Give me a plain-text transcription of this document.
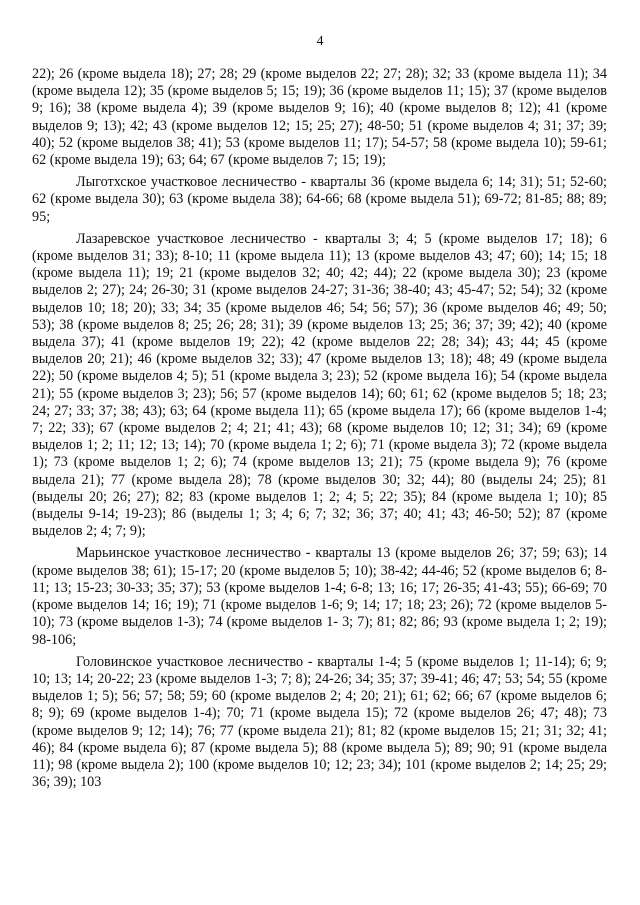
4

22); 26 (кроме выдела 18); 27; 28; 29 (кроме выделов 22; 27; 28); 32; 33 (кроме выдела 11); 34 (кроме выдела 12); 35 (кроме выделов 5; 15; 19); 36 (кроме выделов 11; 15); 37 (кроме выделов 9; 16); 38 (кроме выдела 4); 39 (кроме выделов 9; 16); 40 (кроме выделов 8; 12); 41 (кроме выделов 9; 13); 42; 43 (кроме выделов 12; 15; 25; 27); 48-50; 51 (кроме выделов 4; 31; 37; 39; 40); 52 (кроме выделов 38; 41); 53 (кроме выделов 11; 17); 54-57; 58 (кроме выдела 10); 59-61; 62 (кроме выдела 19); 63; 64; 67 (кроме выделов 7; 15; 19);

Лыготхское участковое лесничество - кварталы 36 (кроме выдела 6; 14; 31); 51; 52-60; 62 (кроме выдела 30); 63 (кроме выдела 38); 64-66; 68 (кроме выдела 51); 69-72; 81-85; 88; 89; 95;

Лазаревское участковое лесничество - кварталы 3; 4; 5 (кроме выделов 17; 18); 6 (кроме выделов 31; 33); 8-10; 11 (кроме выдела 11); 13 (кроме выделов 43; 47; 60); 14; 15; 18 (кроме выдела 11); 19; 21 (кроме выделов 32; 40; 42; 44); 22 (кроме выдела 30); 23 (кроме выделов 2; 27); 24; 26-30; 31 (кроме выделов 24-27; 31-36; 38-40; 43; 45-47; 52; 54); 32 (кроме выделов 10; 18; 20); 33; 34; 35 (кроме выделов 46; 54; 56; 57); 36 (кроме выделов 46; 49; 50; 53); 38 (кроме выделов 8; 25; 26; 28; 31); 39 (кроме выделов 13; 25; 36; 37; 39; 42); 40 (кроме выдела 37); 41 (кроме выделов 19; 22); 42 (кроме выделов 22; 28; 34); 43; 44; 45 (кроме выделов 20; 21); 46 (кроме выделов 32; 33); 47 (кроме выделов 13; 18); 48; 49 (кроме выдела 22); 50 (кроме выделов 4; 5); 51 (кроме выдела 3; 23); 52 (кроме выдела 16); 54 (кроме выдела 21); 55 (кроме выделов 3; 23); 56; 57 (кроме выделов 14); 60; 61; 62 (кроме выделов 5; 18; 23; 24; 27; 33; 37; 38; 43); 63; 64 (кроме выдела 11); 65 (кроме выдела 17); 66 (кроме выделов 1-4; 7; 22; 33); 67 (кроме выделов 2; 4; 21; 41; 43); 68 (кроме выделов 10; 12; 31; 34); 69 (кроме выделов 1; 2; 11; 12; 13; 14); 70 (кроме выдела 1; 2; 6); 71 (кроме выдела 3); 72 (кроме выдела 1); 73 (кроме выделов 1; 2; 6); 74 (кроме выделов 13; 21); 75 (кроме выдела 9); 76 (кроме выдела 21); 77 (кроме выдела 28); 78 (кроме выделов 30; 32; 44); 80 (выделы 24; 25); 81 (выделы 20; 26; 27); 82; 83 (кроме выделов 1; 2; 4; 5; 22; 35); 84 (кроме выдела 1; 10); 85 (выделы 9-14; 19-23); 86 (выделы 1; 3; 4; 6; 7; 32; 36; 37; 40; 41; 43; 46-50; 52); 87 (кроме выделов 2; 4; 7; 9);

Марьинское участковое лесничество - кварталы 13 (кроме выделов 26; 37; 59; 63); 14 (кроме выделов 38; 61); 15-17; 20 (кроме выделов 5; 10); 38-42; 44-46; 52 (кроме выделов 6; 8-11; 13; 15-23; 30-33; 35; 37); 53 (кроме выделов 1-4; 6-8; 13; 16; 17; 26-35; 41-43; 55); 66-69; 70 (кроме выделов 14; 16; 19); 71 (кроме выделов 1-6; 9; 14; 17; 18; 23; 26); 72 (кроме выделов 5-10); 73 (кроме выделов 1-3); 74 (кроме выделов 1- 3; 7); 81; 82; 86; 93 (кроме выдела 1; 2; 19); 98-106;

Головинское участковое лесничество - кварталы 1-4; 5 (кроме выделов 1; 11-14); 6; 9; 10; 13; 14; 20-22; 23 (кроме выделов 1-3; 7; 8); 24-26; 34; 35; 37; 39-41; 46; 47; 53; 54; 55 (кроме выделов 1; 5); 56; 57; 58; 59; 60 (кроме выделов 2; 4; 20; 21); 61; 62; 66; 67 (кроме выделов 6; 8; 9); 69 (кроме выделов 1-4); 70; 71 (кроме выдела 15); 72 (кроме выделов 26; 47; 48); 73 (кроме выделов 9; 12; 14); 76; 77 (кроме выдела 21); 81; 82 (кроме выделов 15; 21; 31; 32; 41; 46); 84 (кроме выдела 6); 87 (кроме выдела 5); 88 (кроме выдела 5); 89; 90; 91 (кроме выдела 11); 98 (кроме выдела 2); 100 (кроме выделов 10; 12; 23; 34); 101 (кроме выделов 2; 14; 25; 29; 36; 39); 103
